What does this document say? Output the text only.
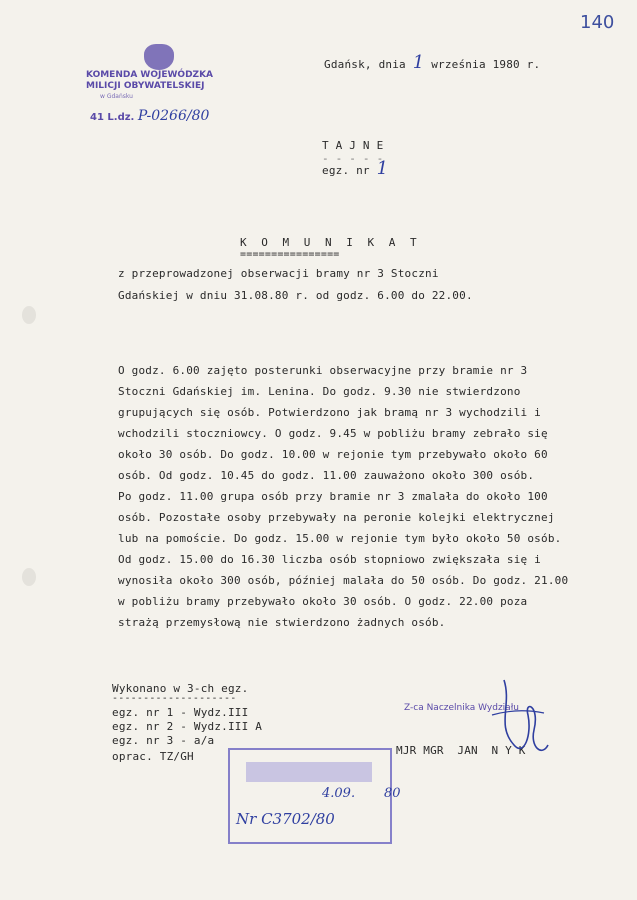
140
KOMENDA WOJEWÓDZKA
MILICJI OBYWATELSKIEJ
w Gdańsku
41 L.dz. P-0266/80
Gdańsk, dnia 1 września 1980 r.
T A J N E
- - - - -
egz. nr 1
K O M U N I K A T
================
z przeprowadzonej obserwacji bramy nr 3 Stoczni
Gdańskiej w dniu 31.08.80 r. od godz. 6.00 do 22.00.
O godz. 6.00 zajęto posterunki obserwacyjne przy bramie nr 3
Stoczni Gdańskiej im. Lenina. Do godz. 9.30 nie stwierdzono
grupujących się osób. Potwierdzono jak bramą nr 3 wychodzili i
wchodzili stoczniowcy. O godz. 9.45 w pobliżu bramy zebrało się
około 30 osób. Do godz. 10.00 w rejonie tym przebywało około 60
osób. Od godz. 10.45 do godz. 11.00 zauważono około 300 osób.
Po godz. 11.00 grupa osób przy bramie nr 3 zmalała do około 100
osób. Pozostałe osoby przebywały na peronie kolejki elektrycznej
lub na pomoście. Do godz. 15.00 w rejonie tym było około 50 osób.
Od godz. 15.00 do 16.30 liczba osób stopniowo zwiększała się i
wynosiła około 300 osób, później malała do 50 osób. Do godz. 21.00
w pobliżu bramy przebywało około 30 osób. O godz. 22.00 poza
strażą przemysłową nie stwierdzono żadnych osób.
Wykonano w 3-ch egz.
--------------------
egz. nr 1 - Wydz.III
egz. nr 2 - Wydz.III A
egz. nr 3 - a/a
oprac. TZ/GH
Z-ca Naczelnika Wydziału
MJR MGR  JAN  N Y K
4.09. 80
Nr C3702/80
